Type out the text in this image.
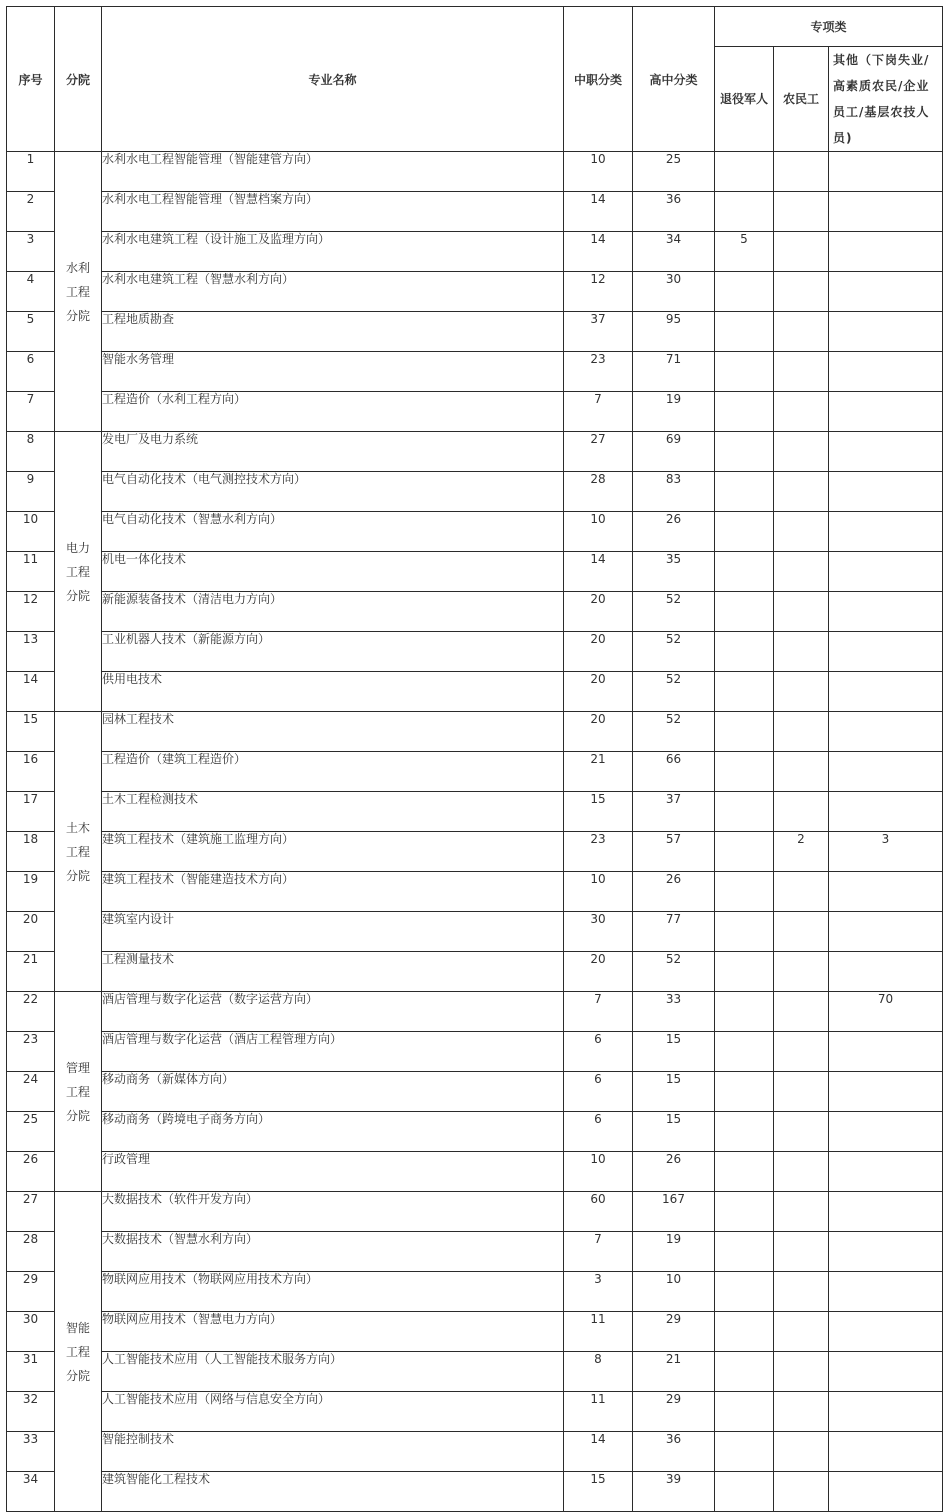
序号	分院	专业名称	中职分类	高中分类	专项类		
					退役军人	农民工	其他（下岗失业/高素质农民/企业员工/基层农技人员)
1	水利工程分院	水利水电工程智能管理（智能建管方向）	10	25			
2		水利水电工程智能管理（智慧档案方向）	14	36			
3		水利水电建筑工程（设计施工及监理方向）	14	34	5		
4		水利水电建筑工程（智慧水利方向）	12	30			
5		工程地质勘查	37	95			
6		智能水务管理	23	71			
7		工程造价（水利工程方向）	7	19			
8	电力工程分院	发电厂及电力系统	27	69			
9		电气自动化技术（电气测控技术方向）	28	83			
10		电气自动化技术（智慧水利方向）	10	26			
11		机电一体化技术	14	35			
12		新能源装备技术（清洁电力方向）	20	52			
13		工业机器人技术（新能源方向）	20	52			
14		供用电技术	20	52			
15	土木工程分院	园林工程技术	20	52			
16		工程造价（建筑工程造价）	21	66			
17		土木工程检测技术	15	37			
18		建筑工程技术（建筑施工监理方向）	23	57		2	3
19		建筑工程技术（智能建造技术方向）	10	26			
20		建筑室内设计	30	77			
21		工程测量技术	20	52			
22	管理工程分院	酒店管理与数字化运营（数字运营方向）	7	33			70
23		酒店管理与数字化运营（酒店工程管理方向）	6	15			
24		移动商务（新媒体方向）	6	15			
25		移动商务（跨境电子商务方向）	6	15			
26		行政管理	10	26			
27	智能工程分院	大数据技术（软件开发方向）	60	167			
28		大数据技术（智慧水利方向）	7	19			
29		物联网应用技术（物联网应用技术方向）	3	10			
30		物联网应用技术（智慧电力方向）	11	29			
31		人工智能技术应用（人工智能技术服务方向）	8	21			
32		人工智能技术应用（网络与信息安全方向）	11	29			
33		智能控制技术	14	36			
34		建筑智能化工程技术	15	39			
